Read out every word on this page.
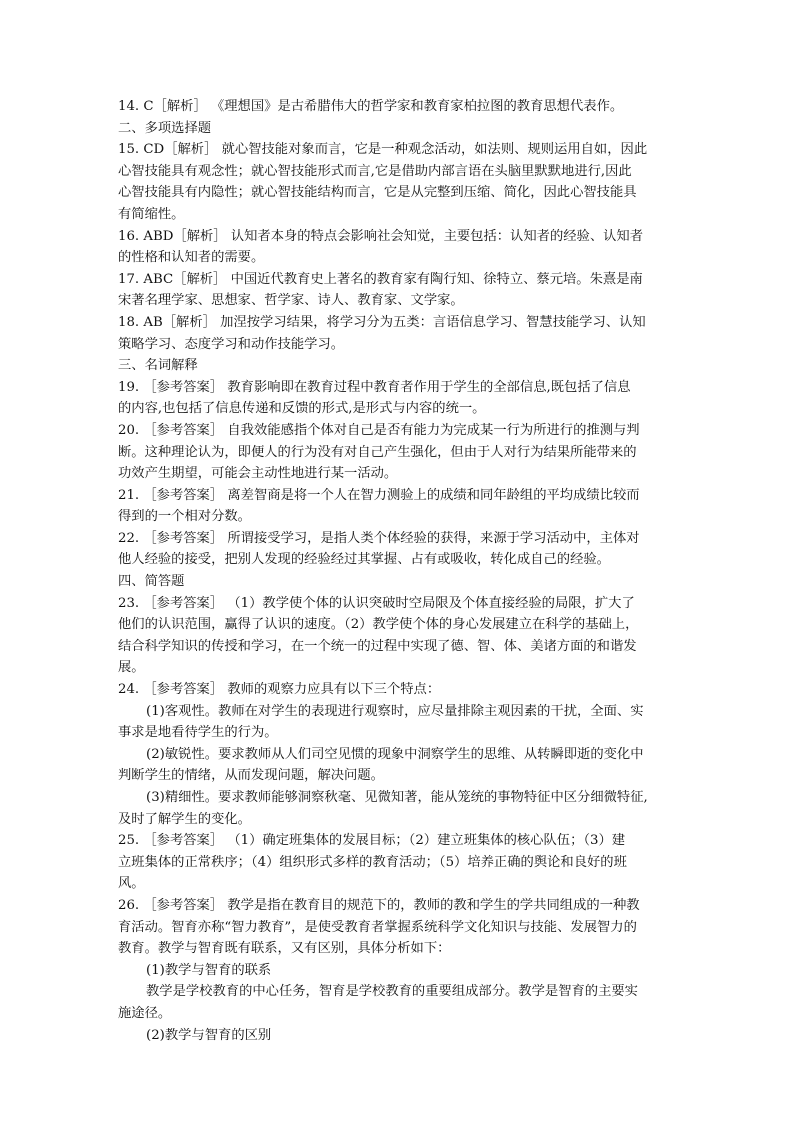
14. C［解析］ 《理想国》是古希腊伟大的哲学家和教育家柏拉图的教育思想代表作。
二、多项选择题
15. CD［解析］ 就心智技能对象而言，它是一种观念活动，如法则、规则运用自如，因此
心智技能具有观念性；就心智技能形式而言,它是借助内部言语在头脑里默默地进行,因此
心智技能具有内隐性；就心智技能结构而言，它是从完整到压缩、简化，因此心智技能具
有简缩性。
16. ABD［解析］ 认知者本身的特点会影响社会知觉，主要包括：认知者的经验、认知者
的性格和认知者的需要。
17. ABC［解析］ 中国近代教育史上著名的教育家有陶行知、徐特立、蔡元培。朱熹是南
宋著名理学家、思想家、哲学家、诗人、教育家、文学家。
18. AB［解析］ 加涅按学习结果，将学习分为五类：言语信息学习、智慧技能学习、认知
策略学习、态度学习和动作技能学习。
三、名词解释
19. ［参考答案］ 教育影响即在教育过程中教育者作用于学生的全部信息,既包括了信息
的内容,也包括了信息传递和反馈的形式,是形式与内容的统一。
20. ［参考答案］ 自我效能感指个体对自己是否有能力为完成某一行为所进行的推测与判
断。这种理论认为，即便人的行为没有对自己产生强化，但由于人对行为结果所能带来的
功效产生期望，可能会主动性地进行某一活动。
21. ［参考答案］ 离差智商是将一个人在智力测验上的成绩和同年龄组的平均成绩比较而
得到的一个相对分数。
22. ［参考答案］ 所谓接受学习，是指人类个体经验的获得，来源于学习活动中，主体对
他人经验的接受，把别人发现的经验经过其掌握、占有或吸收，转化成自己的经验。
四、简答题
23. ［参考答案］ （1）教学使个体的认识突破时空局限及个体直接经验的局限，扩大了
他们的认识范围，赢得了认识的速度。（2）教学使个体的身心发展建立在科学的基础上，
结合科学知识的传授和学习，在一个统一的过程中实现了德、智、体、美诸方面的和谐发
展。
24. ［参考答案］ 教师的观察力应具有以下三个特点：
(1)客观性。教师在对学生的表现进行观察时，应尽量排除主观因素的干扰，全面、实
事求是地看待学生的行为。
(2)敏锐性。要求教师从人们司空见惯的现象中洞察学生的思维、从转瞬即逝的变化中
判断学生的情绪，从而发现问题，解决问题。
(3)精细性。要求教师能够洞察秋毫、见微知著，能从笼统的事物特征中区分细微特征,
及时了解学生的变化。
25. ［参考答案］ （1）确定班集体的发展目标；（2）建立班集体的核心队伍；（3）建
立班集体的正常秩序；（4）组织形式多样的教育活动；（5）培养正确的舆论和良好的班
风。
26. ［参考答案］ 教学是指在教育目的规范下的，教师的教和学生的学共同组成的一种教
育活动。智育亦称“智力教育”，是使受教育者掌握系统科学文化知识与技能、发展智力的
教育。教学与智育既有联系，又有区别，具体分析如下：
(1)教学与智育的联系
教学是学校教育的中心任务，智育是学校教育的重要组成部分。教学是智育的主要实
施途径。
(2)教学与智育的区别
